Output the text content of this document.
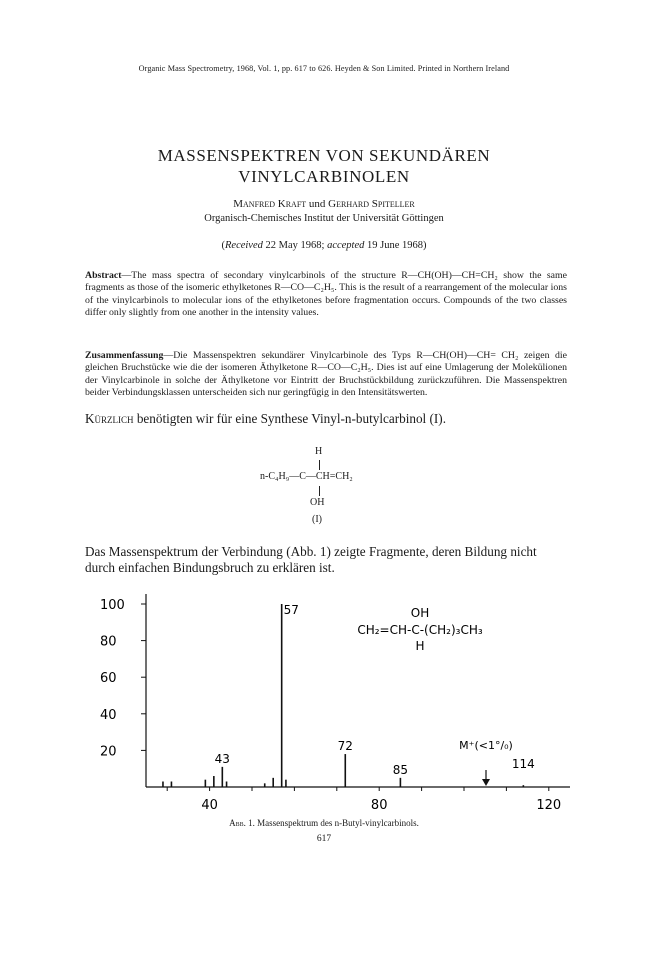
Organic Mass Spectrometry, 1968, Vol. 1, pp. 617 to 626. Heyden & Son Limited. Printed in Northern Ireland
MASSENSPEKTREN VON SEKUNDÄREN
VINYLCARBINOLEN
Manfred Kraft und Gerhard Spiteller
Organisch-Chemisches Institut der Universität Göttingen
(Received 22 May 1968; accepted 19 June 1968)
Abstract—The mass spectra of secondary vinylcarbinols of the structure R—CH(OH)—CH=CH₂ show the same fragments as those of the isomeric ethylketones R—CO—C₂H₅. This is the result of a rearrangement of the molecular ions of the vinylcarbinols to molecular ions of the ethylketones before fragmentation occurs. Compounds of the two classes differ only slightly from one another in the intensity values.
Zusammenfassung—Die Massenspektren sekundärer Vinylcarbinole des Typs R—CH(OH)—CH= CH₂ zeigen die gleichen Bruchstücke wie die der isomeren Äthylketone R—CO—C₂H₅. Dies ist auf eine Umlagerung der Molekülionen der Vinylcarbinole in solche der Äthylketone vor Eintritt der Bruchstückbildung zurückzuführen. Die Massenspektren beider Verbindungsklassen unterscheiden sich nur geringfügig in den Intensitätswerten.
Kürzlich benötigten wir für eine Synthese Vinyl-n-butylcarbinol (I).
H
n-C₄H₉—C—CH=CH₂
OH
(I)
Das Massenspektrum der Verbindung (Abb. 1) zeigte Fragmente, deren Bildung nicht durch einfachen Bindungsbruch zu erklären ist.
100
80
60
40
20
40	80	120
57
43
72
85	114
OH
CH₂=CH-C-(CH₂)₃CH₃
H
M⁺(<1°/₀)
Abb. 1. Massenspektrum des n-Butyl-vinylcarbinols.
617
